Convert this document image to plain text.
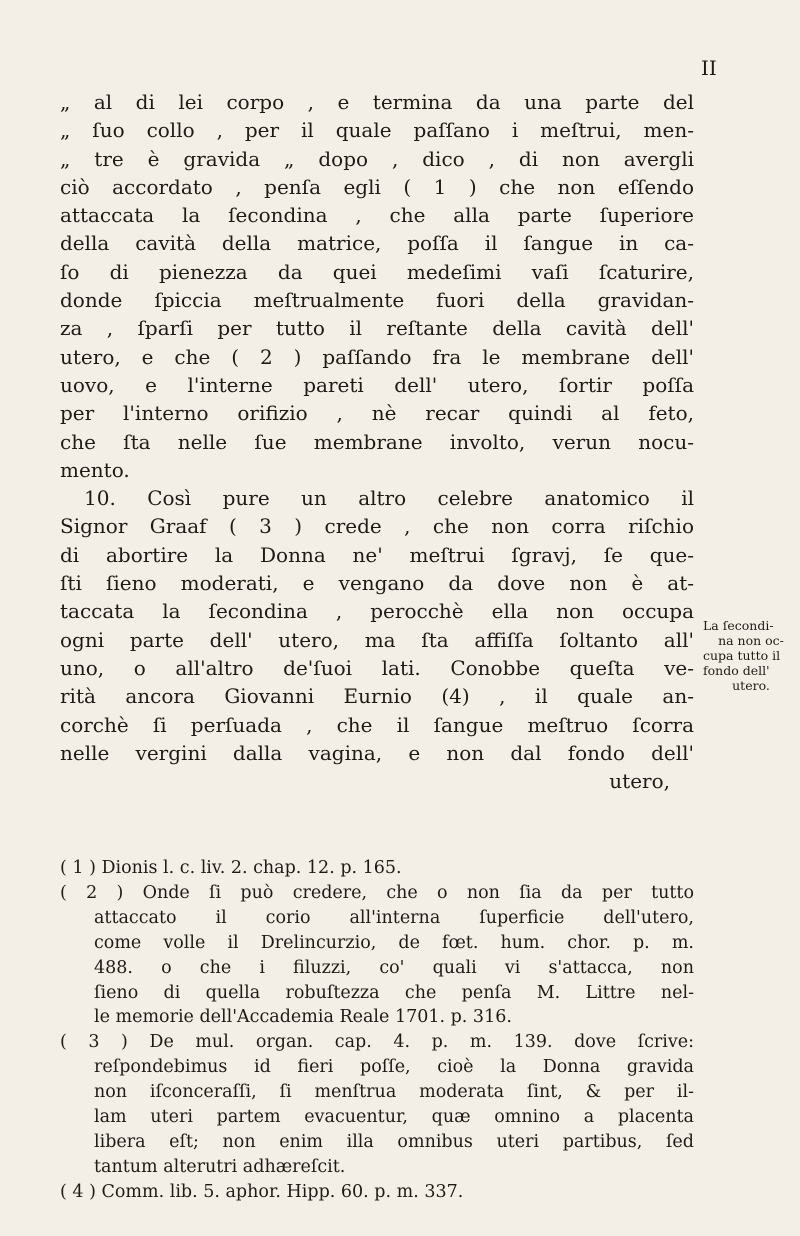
II
„ al di lei corpo , e termina da una parte del
„ ſuo collo , per il quale paſſano i meſtrui, men-
„ tre è gravida „ dopo , dico , di non avergli
ciò accordato , penſa egli ( 1 ) che non eſſendo
attaccata la ſecondina , che alla parte ſuperiore
della cavità della matrice, poſſa il ſangue in ca-
ſo di pienezza da quei medeſimi vaſi ſcaturire,
donde ſpiccia meſtrualmente fuori della gravidan-
za , ſparſi per tutto il reſtante della cavità dell'
utero, e che ( 2 ) paſſando fra le membrane dell'
uovo, e l'interne pareti dell' utero, ſortir poſſa
per l'interno orifizio , nè recar quindi al feto,
che ſta nelle ſue membrane involto, verun nocu-
mento.
10. Così pure un altro celebre anatomico il
Signor Graaf ( 3 ) crede , che non corra riſchio
di abortire la Donna ne' meſtrui ſgravj, ſe que-
ſti ſieno moderati, e vengano da dove non è at-
taccata la ſecondina , perocchè ella non occupa
ogni parte dell' utero, ma ſta affiſſa ſoltanto all'
uno, o all'altro de'ſuoi lati. Conobbe queſta ve-
rità ancora Giovanni Eurnio (4) , il quale an-
corchè ſi perſuada , che il ſangue meſtruo ſcorra
nelle vergini dalla vagina, e non dal fondo dell'
utero,
La ſecondi-
na non oc-
cupa tutto il
fondo dell'
utero.
( 1 ) Dionis l. c. liv. 2. chap. 12. p. 165.
( 2 ) Onde ſi può credere, che o non ſia da per tutto
attaccato il corio all'interna ſuperficie dell'utero,
come volle il Drelincurzio, de fœt. hum. chor. p. m.
488. o che i filuzzi, co' quali vi s'attacca, non
ſieno di quella robuſtezza che penſa M. Littre nel-
le memorie dell'Accademia Reale 1701. p. 316.
( 3 ) De mul. organ. cap. 4. p. m. 139. dove ſcrive:
reſpondebimus id fieri poſſe, cioè la Donna gravida
non iſconceraſſi, ſi menſtrua moderata ſint, & per il-
lam uteri partem evacuentur, quæ omnino a placenta
libera eſt; non enim illa omnibus uteri partibus, ſed
tantum alterutri adhæreſcit.
( 4 ) Comm. lib. 5. aphor. Hipp. 60. p. m. 337.
